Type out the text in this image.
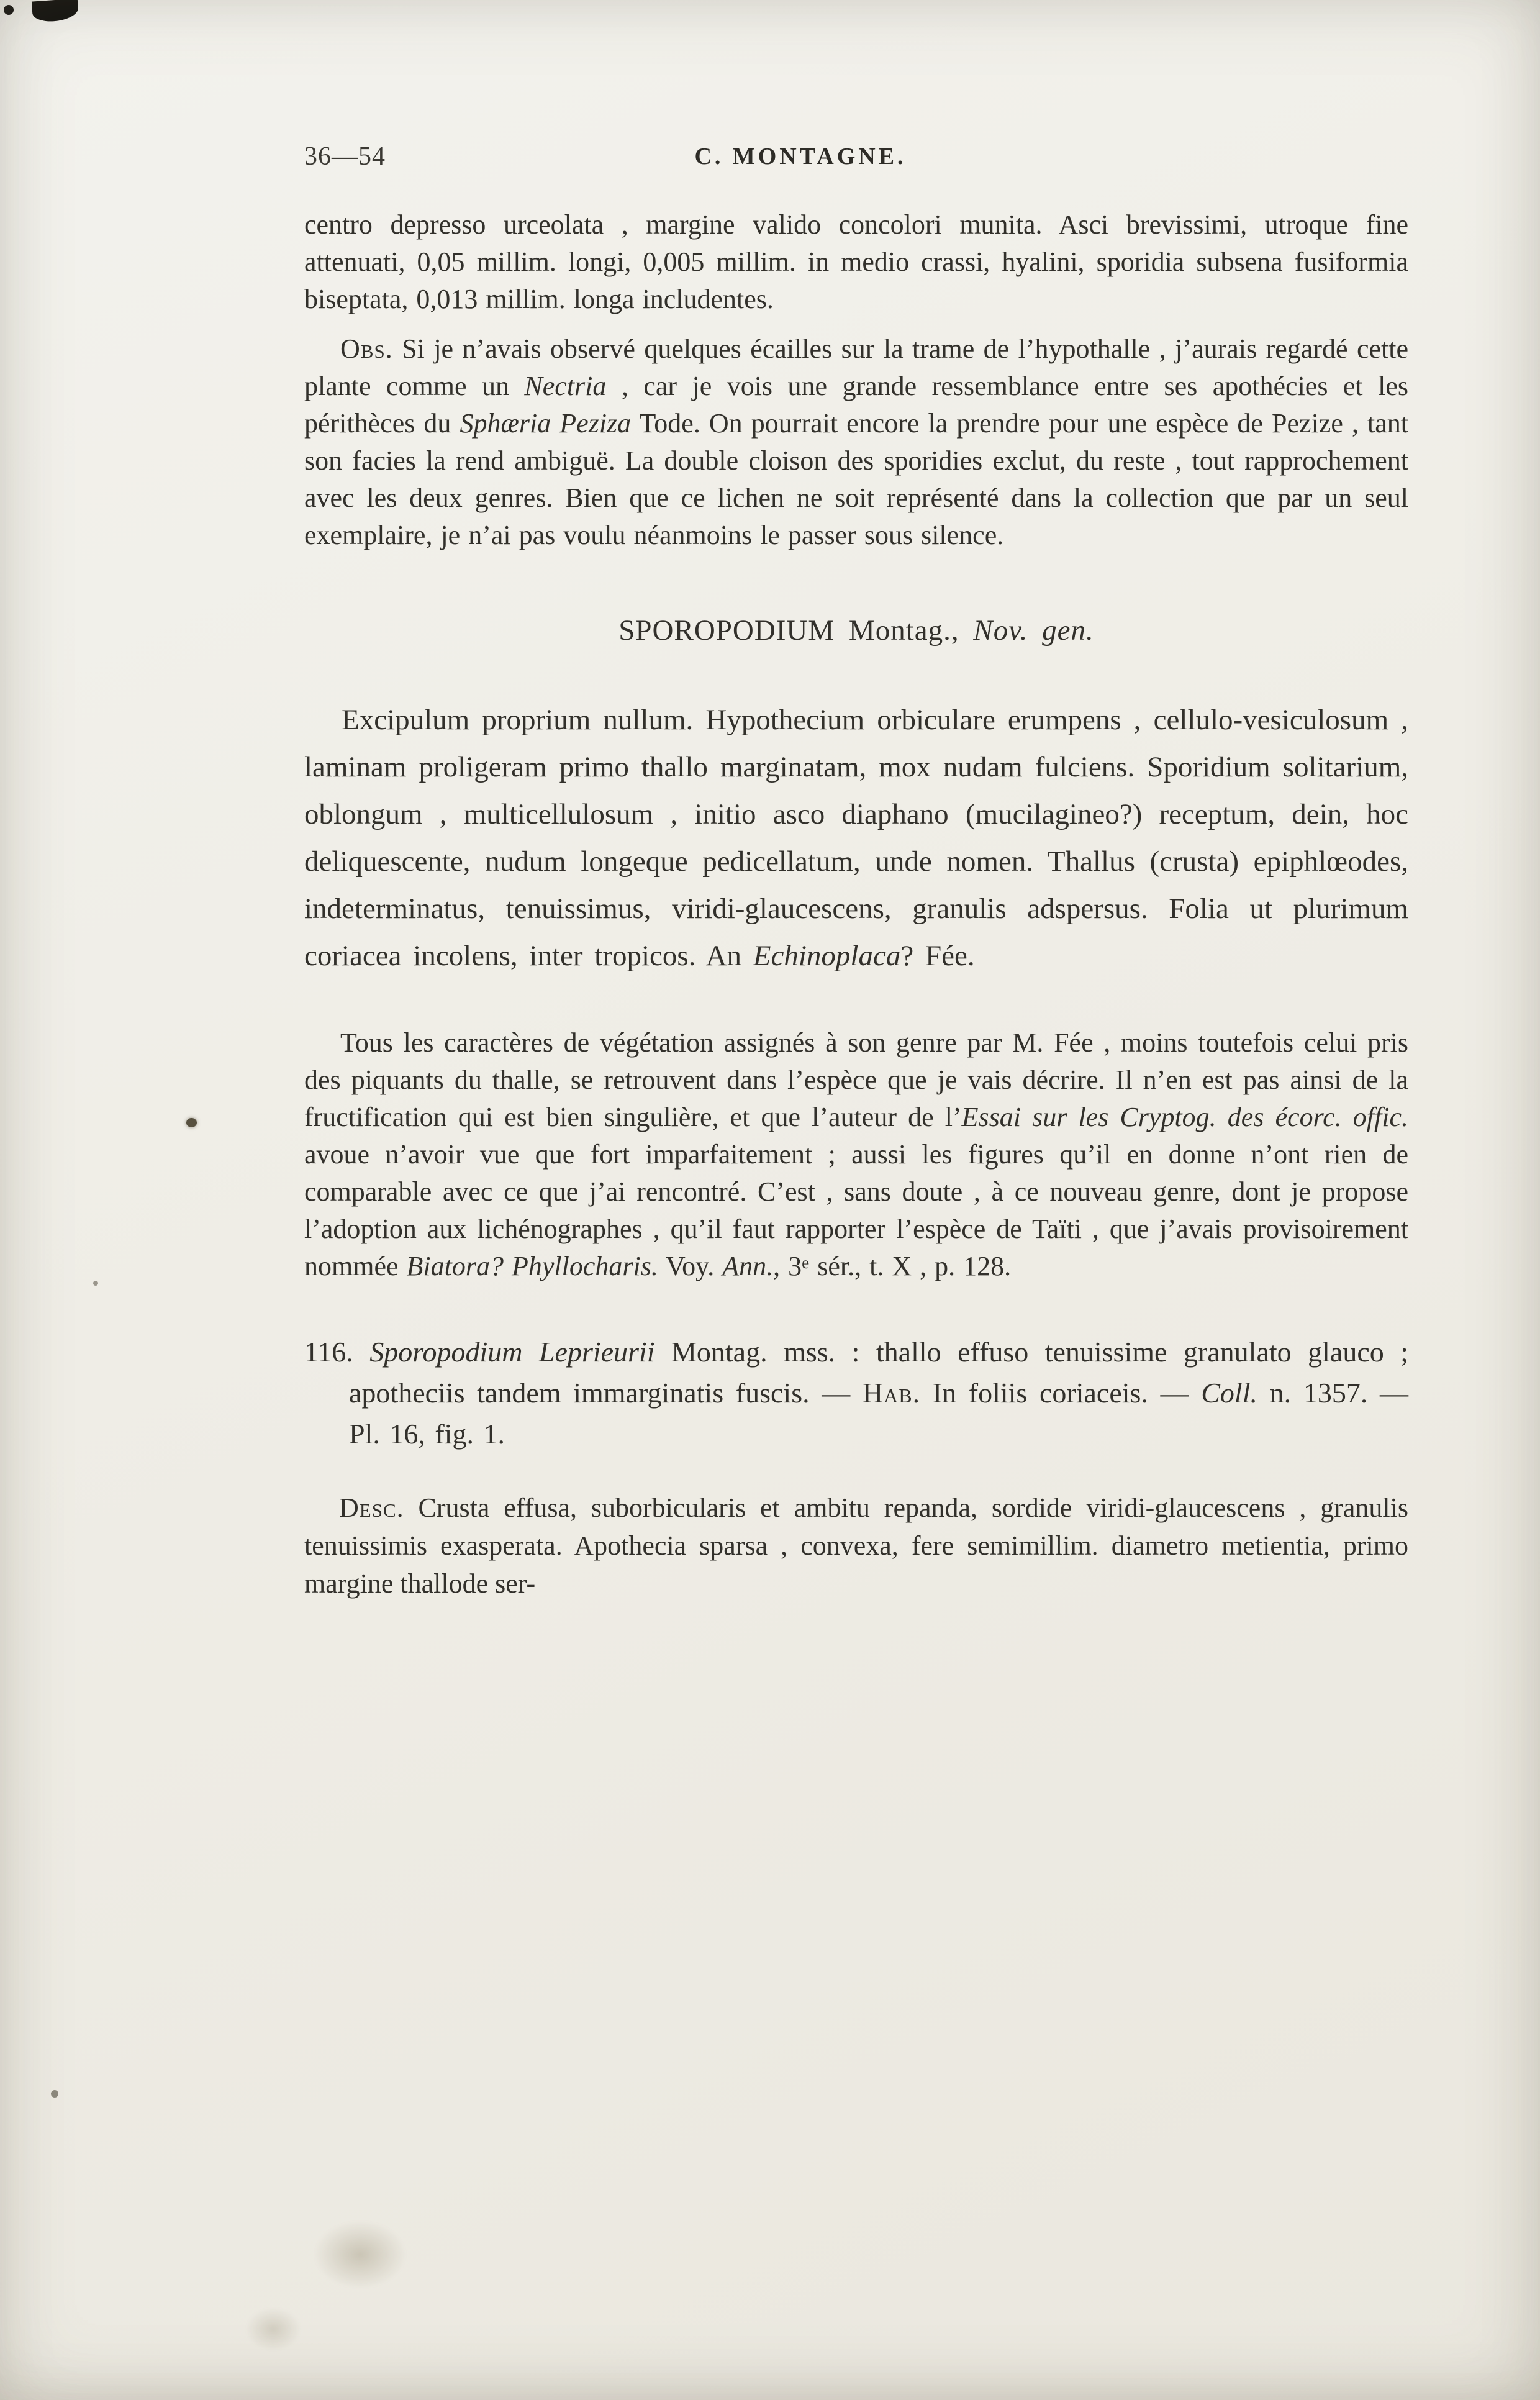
36—54	C. MONTAGNE.

centro depresso urceolata , margine valido concolori munita. Asci brevissimi, utroque fine attenuati, 0,05 millim. longi, 0,005 millim. in medio crassi, hyalini, sporidia subsena fusiformia biseptata, 0,013 millim. longa includentes.

Obs. Si je n’avais observé quelques écailles sur la trame de l’hypothalle , j’aurais regardé cette plante comme un Nectria , car je vois une grande ressemblance entre ses apothécies et les périthèces du Sphæria Peziza Tode. On pourrait encore la prendre pour une espèce de Pezize , tant son facies la rend ambiguë. La double cloison des sporidies exclut, du reste , tout rapprochement avec les deux genres. Bien que ce lichen ne soit représenté dans la collection que par un seul exemplaire, je n’ai pas voulu néanmoins le passer sous silence.

SPOROPODIUM Montag., Nov. gen.

Excipulum proprium nullum. Hypothecium orbiculare erumpens , cellulo-vesiculosum , laminam proligeram primo thallo marginatam, mox nudam fulciens. Sporidium solitarium, oblongum , multicellulosum , initio asco diaphano (mucilagineo?) receptum, dein, hoc deliquescente, nudum longeque pedicellatum, unde nomen. Thallus (crusta) epiphlœodes, indeterminatus, tenuissimus, viridi-glaucescens, granulis adspersus. Folia ut plurimum coriacea incolens, inter tropicos. An Echinoplaca? Fée.

Tous les caractères de végétation assignés à son genre par M. Fée , moins toutefois celui pris des piquants du thalle, se retrouvent dans l’espèce que je vais décrire. Il n’en est pas ainsi de la fructification qui est bien singulière, et que l’auteur de l’Essai sur les Cryptog. des écorc. offic. avoue n’avoir vue que fort imparfaitement ; aussi les figures qu’il en donne n’ont rien de comparable avec ce que j’ai rencontré. C’est , sans doute , à ce nouveau genre, dont je propose l’adoption aux lichénographes , qu’il faut rapporter l’espèce de Taïti , que j’avais provisoirement nommée Biatora? Phyllocharis. Voy. Ann., 3e sér., t. X , p. 128.

116. Sporopodium Leprieurii Montag. mss. : thallo effuso tenuissime granulato glauco ; apotheciis tandem immarginatis fuscis. — Hab. In foliis coriaceis. — Coll. n. 1357. — Pl. 16, fig. 1.

Desc. Crusta effusa, suborbicularis et ambitu repanda, sordide viridi-glaucescens , granulis tenuissimis exasperata. Apothecia sparsa , convexa, fere semimillim. diametro metientia, primo margine thallode ser-
